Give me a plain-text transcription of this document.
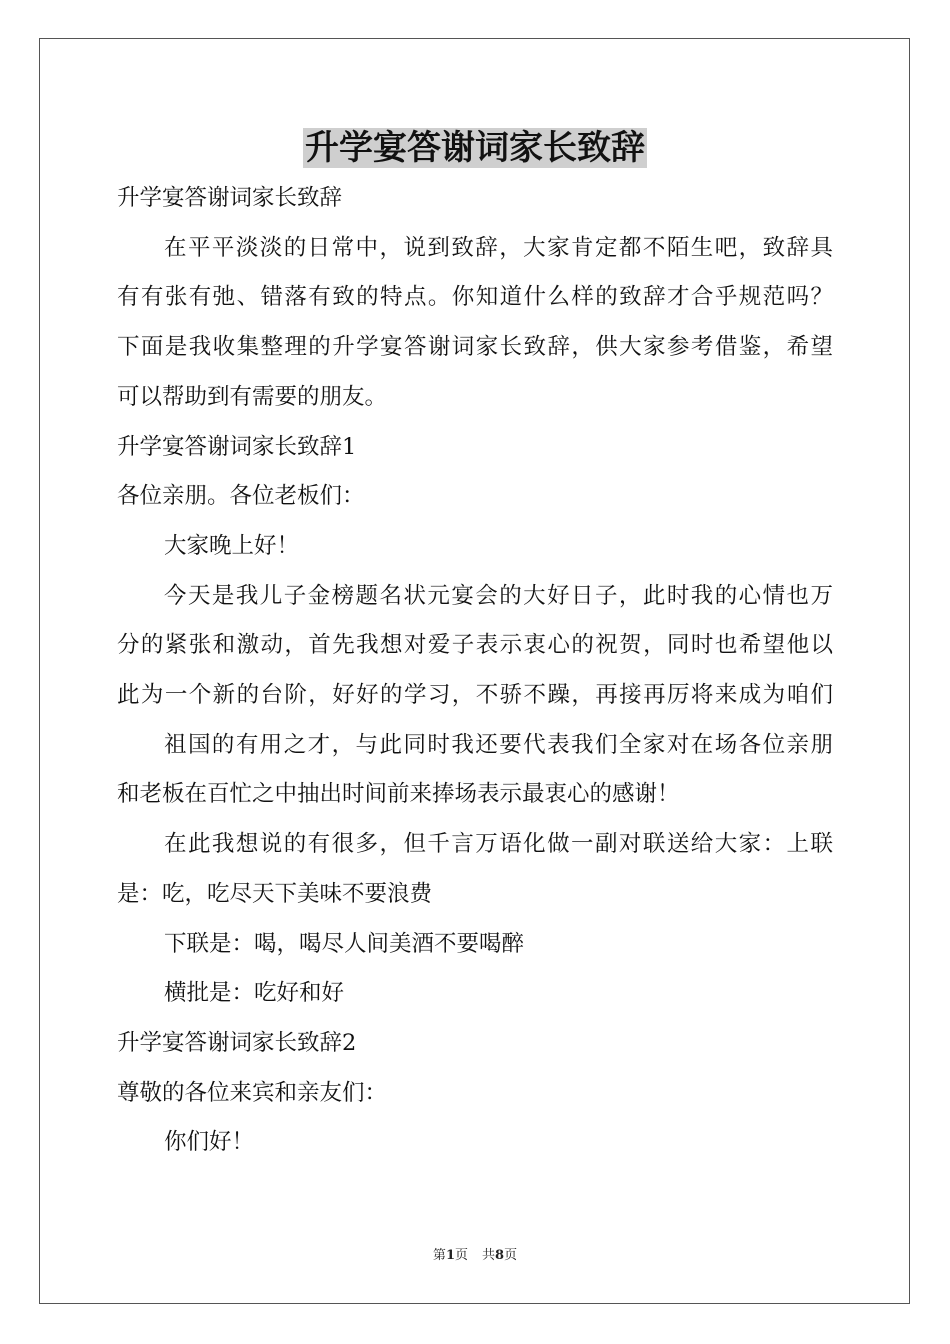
升学宴答谢词家长致辞

升学宴答谢词家长致辞

在平平淡淡的日常中，说到致辞，大家肯定都不陌生吧，致辞具

有有张有弛、错落有致的特点。你知道什么样的致辞才合乎规范吗？

下面是我收集整理的升学宴答谢词家长致辞，供大家参考借鉴，希望

可以帮助到有需要的朋友。

升学宴答谢词家长致辞1

各位亲朋。各位老板们：

大家晚上好！

今天是我儿子金榜题名状元宴会的大好日子，此时我的心情也万

分的紧张和激动，首先我想对爱子表示衷心的祝贺，同时也希望他以

此为一个新的台阶，好好的学习，不骄不躁，再接再厉将来成为咱们

祖国的有用之才，与此同时我还要代表我们全家对在场各位亲朋

和老板在百忙之中抽出时间前来捧场表示最衷心的感谢！

在此我想说的有很多，但千言万语化做一副对联送给大家：上联

是：吃，吃尽天下美味不要浪费

下联是：喝，喝尽人间美酒不要喝醉

横批是：吃好和好

升学宴答谢词家长致辞2

尊敬的各位来宾和亲友们：

你们好！

第1页 共8页
